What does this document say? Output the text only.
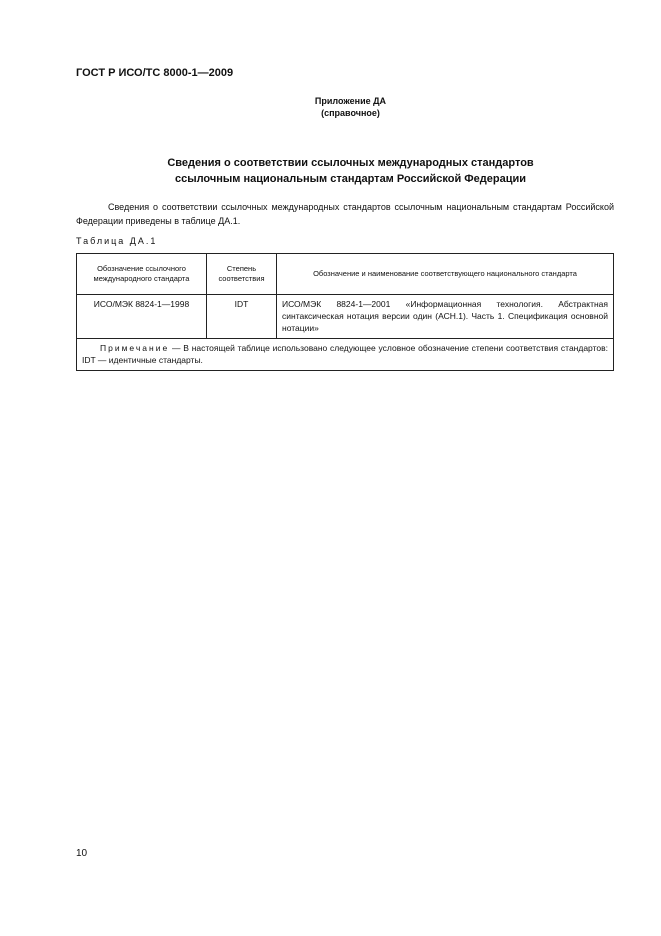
ГОСТ Р ИСО/ТС 8000-1—2009
Приложение ДА
(справочное)
Сведения о соответствии ссылочных международных стандартов
ссылочным национальным стандартам Российской Федерации
Сведения о соответствии ссылочных международных стандартов ссылочным национальным стандартам Российской Федерации приведены в таблице ДА.1.
Таблица ДА.1
Обозначение ссылочного международного стандарта	Степень соответствия	Обозначение и наименование соответствующего национального стандарта
ИСО/МЭК 8824-1—1998	IDT	ИСО/МЭК 8824-1—2001 «Информационная технология. Абстрактная синтаксическая нотация версии один (АСН.1). Часть 1. Спецификация основной нотации»
Примечание — В настоящей таблице использовано следующее условное обозначение степени соответствия стандартов: IDT — идентичные стандарты.		
10
